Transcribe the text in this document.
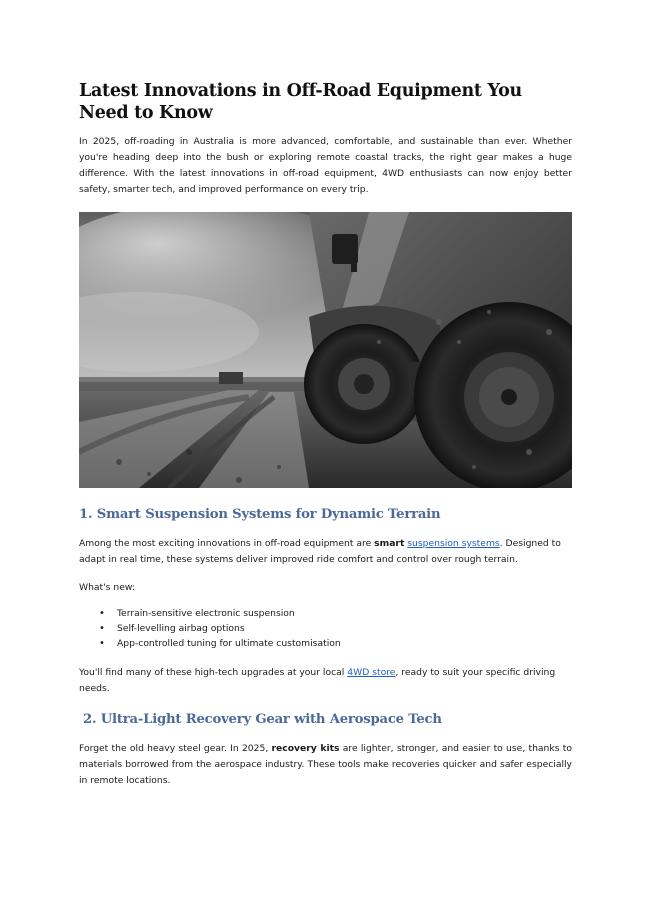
Latest Innovations in Off-Road Equipment You Need to Know

In 2025, off-roading in Australia is more advanced, comfortable, and sustainable than ever. Whether you're heading deep into the bush or exploring remote coastal tracks, the right gear makes a huge difference. With the latest innovations in off-road equipment, 4WD enthusiasts can now enjoy better safety, smarter tech, and improved performance on every trip.

1. Smart Suspension Systems for Dynamic Terrain

Among the most exciting innovations in off-road equipment are smart suspension systems. Designed to adapt in real time, these systems deliver improved ride comfort and control over rough terrain.

What's new:

• Terrain-sensitive electronic suspension
• Self-levelling airbag options
• App-controlled tuning for ultimate customisation

You'll find many of these high-tech upgrades at your local 4WD store, ready to suit your specific driving needs.

2. Ultra-Light Recovery Gear with Aerospace Tech

Forget the old heavy steel gear. In 2025, recovery kits are lighter, stronger, and easier to use, thanks to materials borrowed from the aerospace industry. These tools make recoveries quicker and safer especially in remote locations.
